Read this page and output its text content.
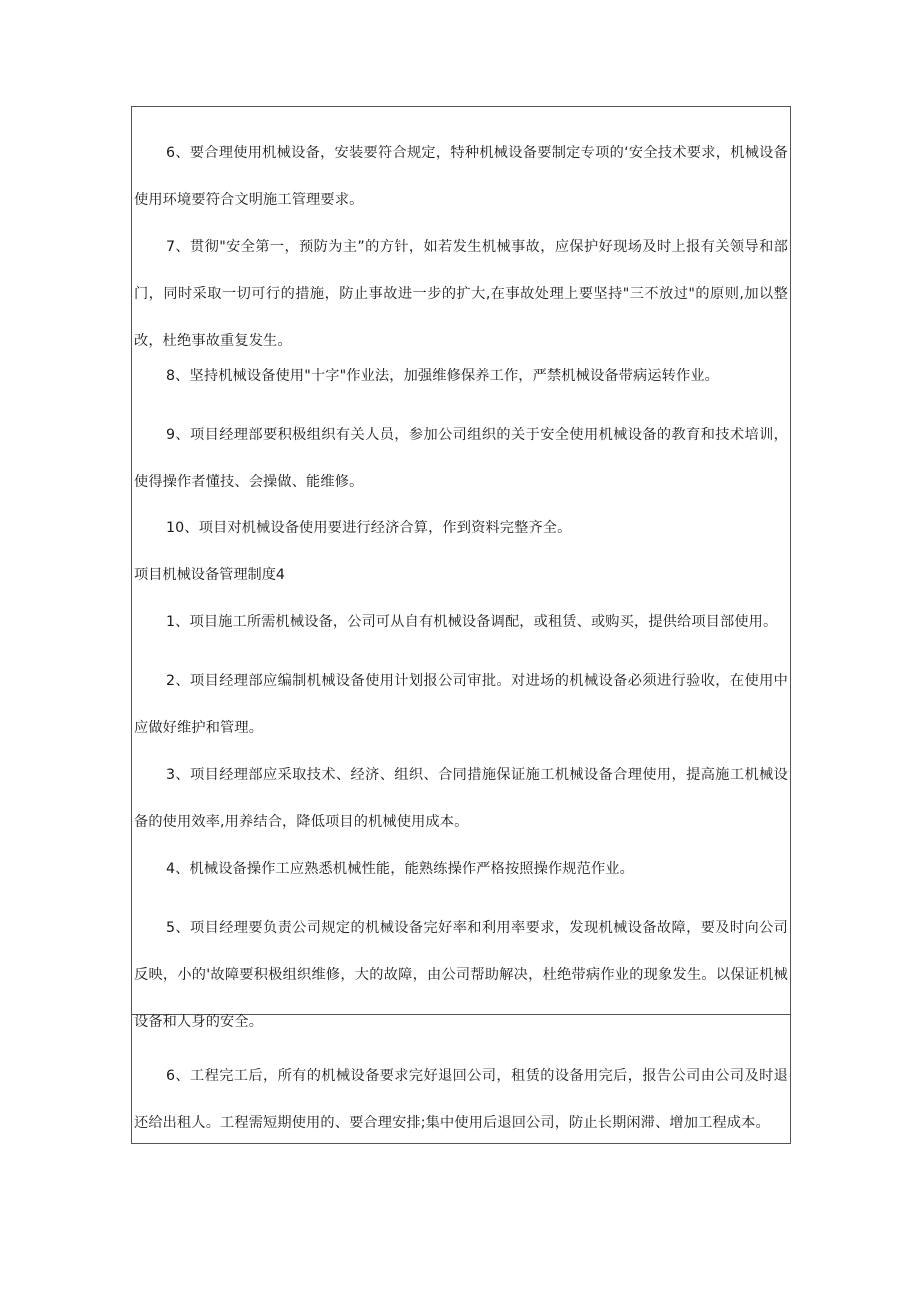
6、要合理使用机械设备，安装要符合规定，特种机械设备要制定专项的‘安全技术要求，机械设备使用环境要符合文明施工管理要求。

7、贯彻"安全第一，预防为主”的方针，如若发生机械事故，应保护好现场及时上报有关领导和部门，同时采取一切可行的措施，防止事故进一步的扩大,在事故处理上要坚持"三不放过"的原则,加以整改，杜绝事故重复发生。

8、坚持机械设备使用"十字"作业法，加强维修保养工作，严禁机械设备带病运转作业。

9、项目经理部要积极组织有关人员，参加公司组织的关于安全使用机械设备的教育和技术培训，使得操作者懂技、会操做、能维修。

10、项目对机械设备使用要进行经济合算，作到资料完整齐全。

项目机械设备管理制度4

1、项目施工所需机械设备，公司可从自有机械设备调配，或租赁、或购买，提供给项目部使用。

2、项目经理部应编制机械设备使用计划报公司审批。对进场的机械设备必须进行验收，在使用中应做好维护和管理。

3、项目经理部应采取技术、经济、组织、合同措施保证施工机械设备合理使用，提高施工机械设备的使用效率,用养结合，降低项目的机械使用成本。

4、机械设备操作工应熟悉机械性能，能熟练操作严格按照操作规范作业。

5、项目经理要负责公司规定的机械设备完好率和利用率要求，发现机械设备故障，要及时向公司反映，小的'故障要积极组织维修，大的故障，由公司帮助解决，杜绝带病作业的现象发生。以保证机械设备和人身的安全。

6、工程完工后，所有的机械设备要求完好退回公司，租赁的设备用完后，报告公司由公司及时退还给出租人。工程需短期使用的、要合理安排;集中使用后退回公司，防止长期闲滞、增加工程成本。
